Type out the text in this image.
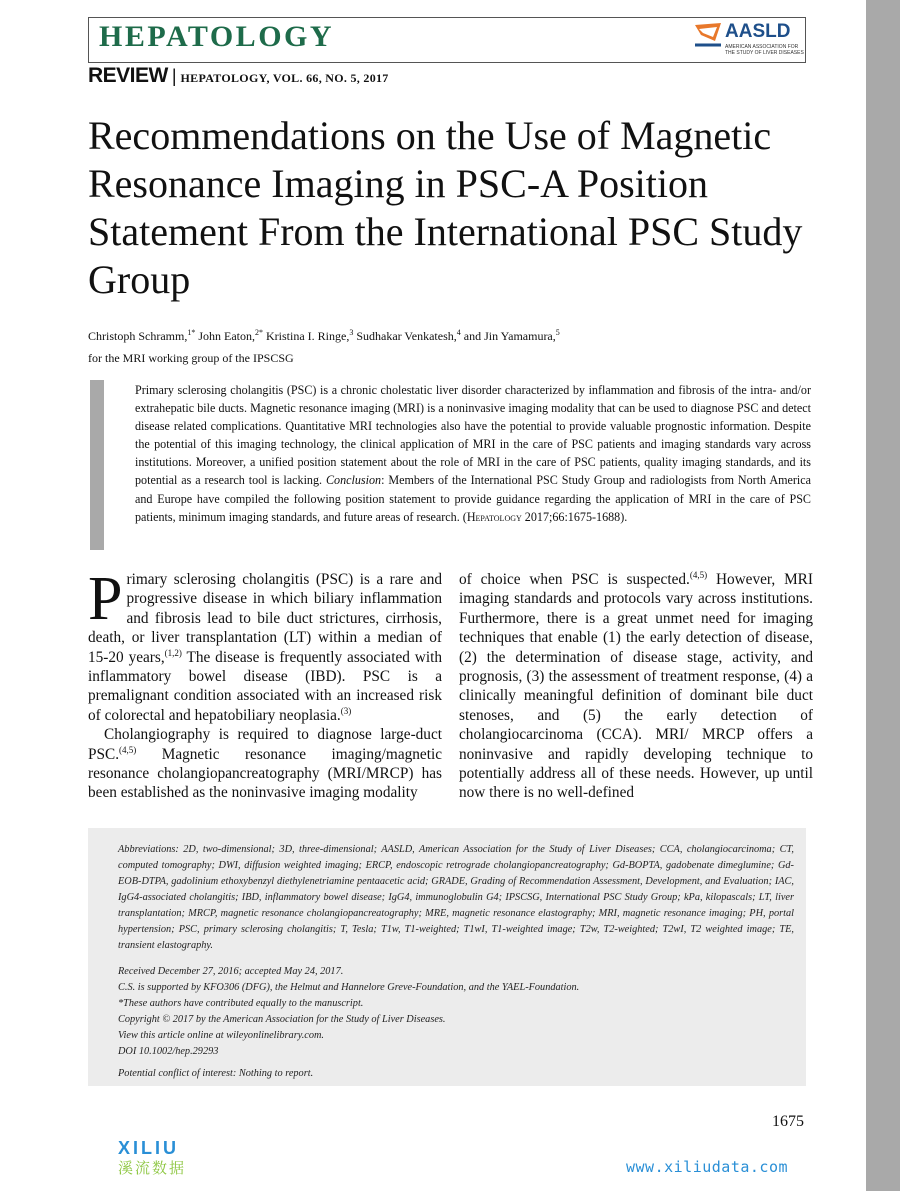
HEPATOLOGY	AASLD
AMERICAN ASSOCIATION FOR THE STUDY OF LIVER DISEASES
REVIEW | HEPATOLOGY, VOL. 66, NO. 5, 2017
Recommendations on the Use of Magnetic Resonance Imaging in PSC-A Position Statement From the International PSC Study Group
Christoph Schramm,$^{1*}$ John Eaton,$^{2*}$ Kristina I. Ringe,$^3$ Sudhakar Venkatesh,$^4$ and Jin Yamamura,$^5$
for the MRI working group of the IPSCSG

Primary sclerosing cholangitis (PSC) is a chronic cholestatic liver disorder characterized by inflammation and fibrosis of the intra- and/or extrahepatic bile ducts. Magnetic resonance imaging (MRI) is a noninvasive imaging modality that can be used to diagnose PSC and detect disease related complications. Quantitative MRI technologies also have the potential to provide valuable prognostic information. Despite the potential of this imaging technology, the clinical application of MRI in the care of PSC patients and imaging standards vary across institutions. Moreover, a unified position statement about the role of MRI in the care of PSC patients, quality imaging standards, and its potential as a research tool is lacking. Conclusion: Members of the International PSC Study Group and radiologists from North America and Europe have compiled the following position statement to provide guidance regarding the application of MRI in the care of PSC patients, minimum imaging standards, and future areas of research. (Hepatology 2017;66:1675-1688).

Primary sclerosing cholangitis (PSC) is a rare and progressive disease in which biliary inflammation and fibrosis lead to bile duct strictures, cirrhosis, death, or liver transplantation (LT) within a median of 15-20 years,$^{(1,2)}$ The disease is frequently associated with inflammatory bowel disease (IBD). PSC is a premalignant condition associated with an increased risk of colorectal and hepatobiliary neoplasia.$^{(3)}$

Cholangiography is required to diagnose large-duct PSC.$^{(4,5)}$ Magnetic resonance imaging/magnetic resonance cholangiopancreatography (MRI/MRCP) has been established as the noninvasive imaging modality

of choice when PSC is suspected.$^{(4,5)}$ However, MRI imaging standards and protocols vary across institutions. Furthermore, there is a great unmet need for imaging techniques that enable (1) the early detection of disease, (2) the determination of disease stage, activity, and prognosis, (3) the assessment of treatment response, (4) a clinically meaningful definition of dominant bile duct stenoses, and (5) the early detection of cholangiocarcinoma (CCA). MRI/ MRCP offers a noninvasive and rapidly developing technique to potentially address all of these needs. However, up until now there is no well-defined

Abbreviations: 2D, two-dimensional; 3D, three-dimensional; AASLD, American Association for the Study of Liver Diseases; CCA, cholangiocarcinoma; CT, computed tomography; DWI, diffusion weighted imaging; ERCP, endoscopic retrograde cholangiopancreatography; Gd-BOPTA, gadobenate dimeglumine; Gd-EOB-DTPA, gadolinium ethoxybenzyl diethylenetriamine pentaacetic acid; GRADE, Grading of Recommendation Assessment, Development, and Evaluation; IAC, IgG4-associated cholangitis; IBD, inflammatory bowel disease; IgG4, immunoglobulin G4; IPSCSG, International PSC Study Group; kPa, kilopascals; LT, liver transplantation; MRCP, magnetic resonance cholangiopancreatography; MRE, magnetic resonance elastography; MRI, magnetic resonance imaging; PH, portal hypertension; PSC, primary sclerosing cholangitis; T, Tesla; T1w, T1-weighted; T1wI, T1-weighted image; T2w, T2-weighted; T2wI, T2 weighted image; TE, transient elastography.

Received December 27, 2016; accepted May 24, 2017.

C.S. is supported by KFO306 (DFG), the Helmut and Hannelore Greve-Foundation, and the YAEL-Foundation.

*These authors have contributed equally to the manuscript.

Copyright © 2017 by the American Association for the Study of Liver Diseases.

View this article online at wileyonlinelibrary.com.

DOI 10.1002/hep.29293

Potential conflict of interest: Nothing to report.

1675
XILIU
溪流数据	www.xiliudata.com
